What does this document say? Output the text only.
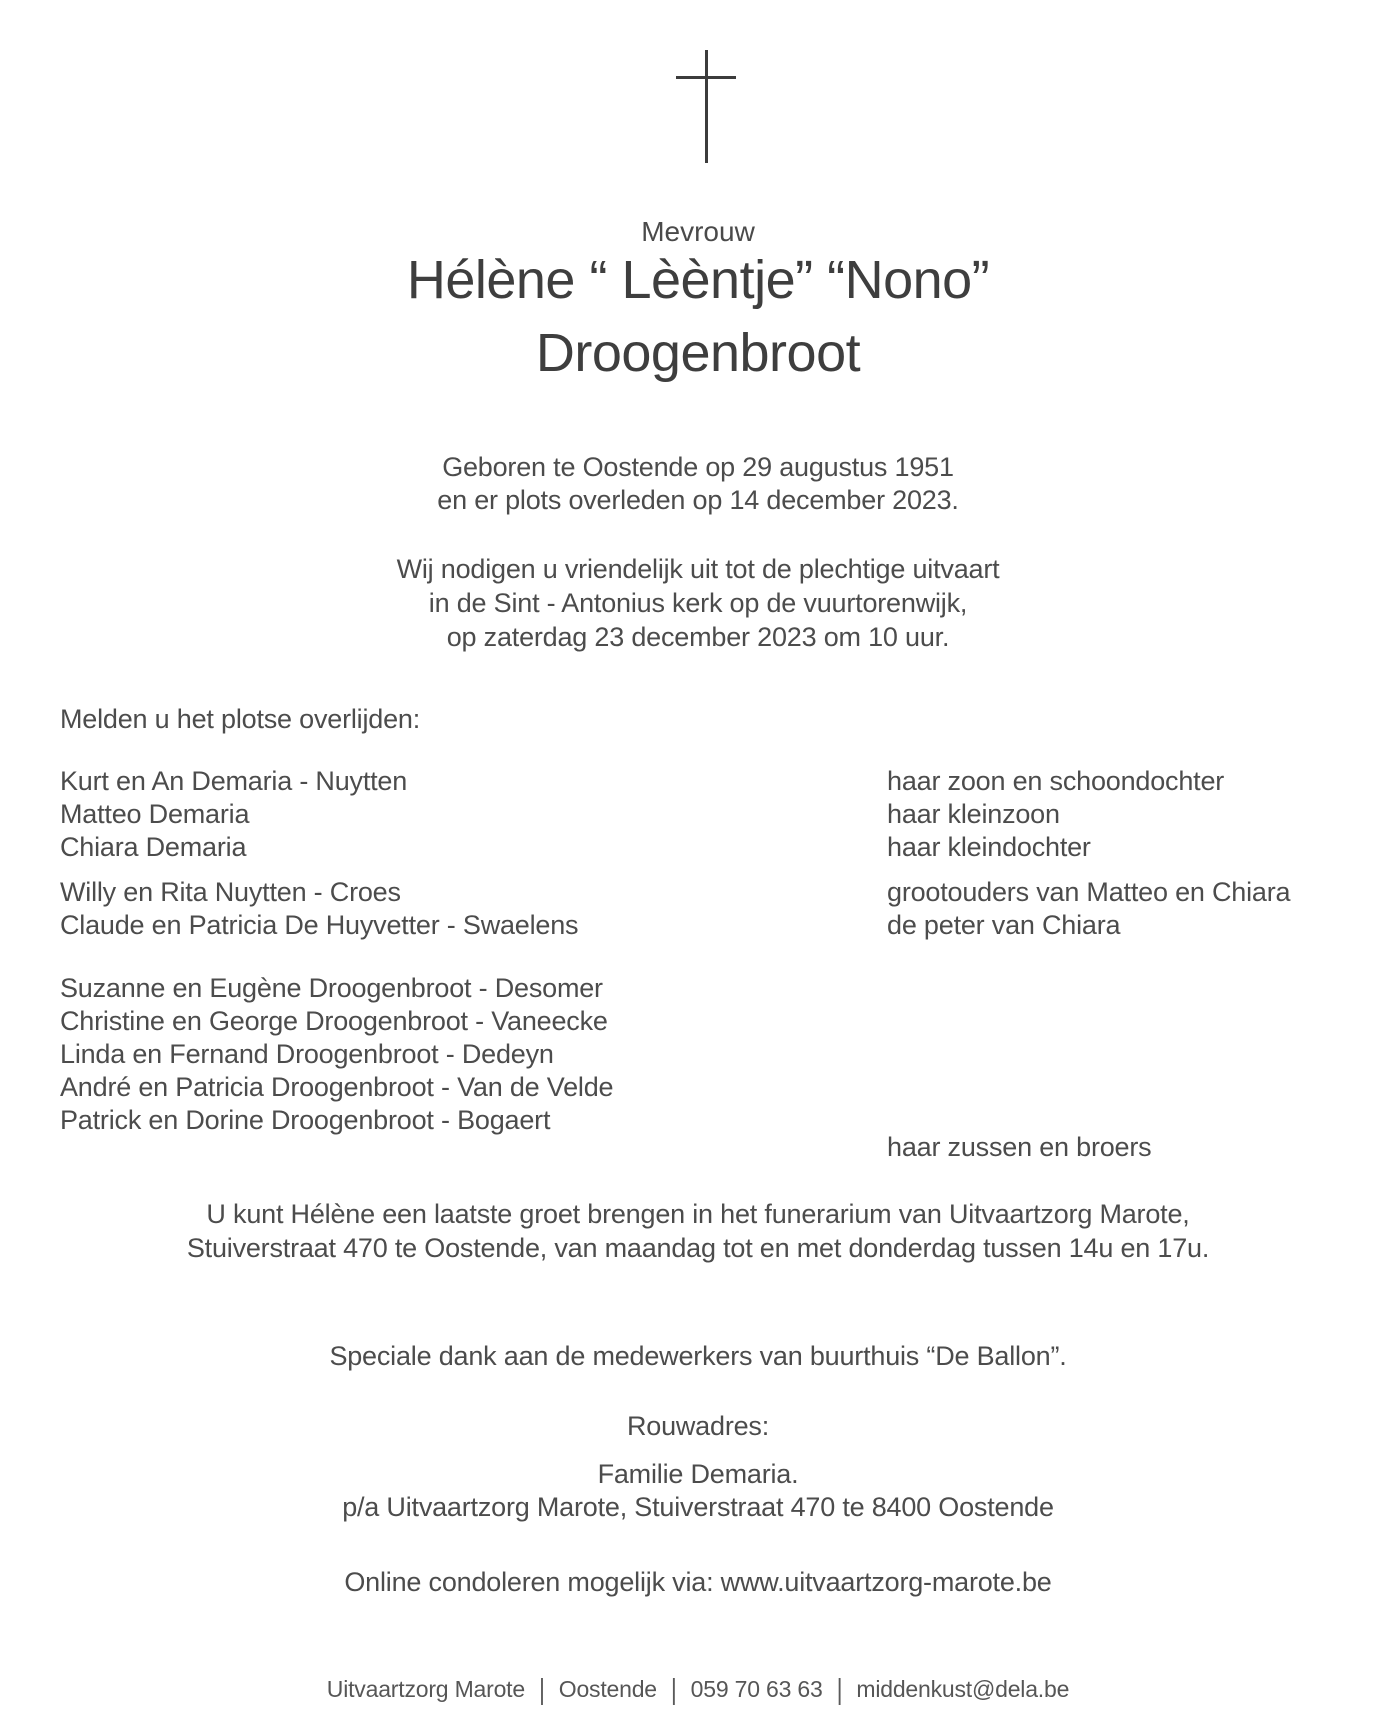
Mevrouw
Hélène “ Lèèntje” “Nono”
Droogenbroot
Geboren te Oostende op 29 augustus 1951
en er plots overleden op 14 december 2023.
Wij nodigen u vriendelijk uit tot de plechtige uitvaart
in de Sint - Antonius kerk op de vuurtorenwijk,
op zaterdag 23 december 2023 om 10 uur.
Melden u het plotse overlijden:
Kurt en An Demaria - Nuytten
Matteo Demaria
Chiara Demaria
haar zoon en schoondochter
haar kleinzoon
haar kleindochter
Willy en Rita Nuytten - Croes
Claude en Patricia De Huyvetter - Swaelens
grootouders van Matteo en Chiara
de peter van Chiara
Suzanne en Eugène Droogenbroot - Desomer
Christine en George Droogenbroot - Vaneecke
Linda en Fernand Droogenbroot - Dedeyn
André en Patricia Droogenbroot - Van de Velde
Patrick en Dorine Droogenbroot - Bogaert
haar zussen en broers
U kunt Hélène een laatste groet brengen in het funerarium van Uitvaartzorg Marote,
Stuiverstraat 470 te Oostende, van maandag tot en met donderdag tussen 14u en 17u.
Speciale dank aan de medewerkers van buurthuis “De Ballon”.
Rouwadres:
Familie Demaria.
p/a Uitvaartzorg Marote, Stuiverstraat 470 te 8400 Oostende
Online condoleren mogelijk via: www.uitvaartzorg-marote.be
Uitvaartzorg Marote | Oostende | 059 70 63 63 | middenkust@dela.be
